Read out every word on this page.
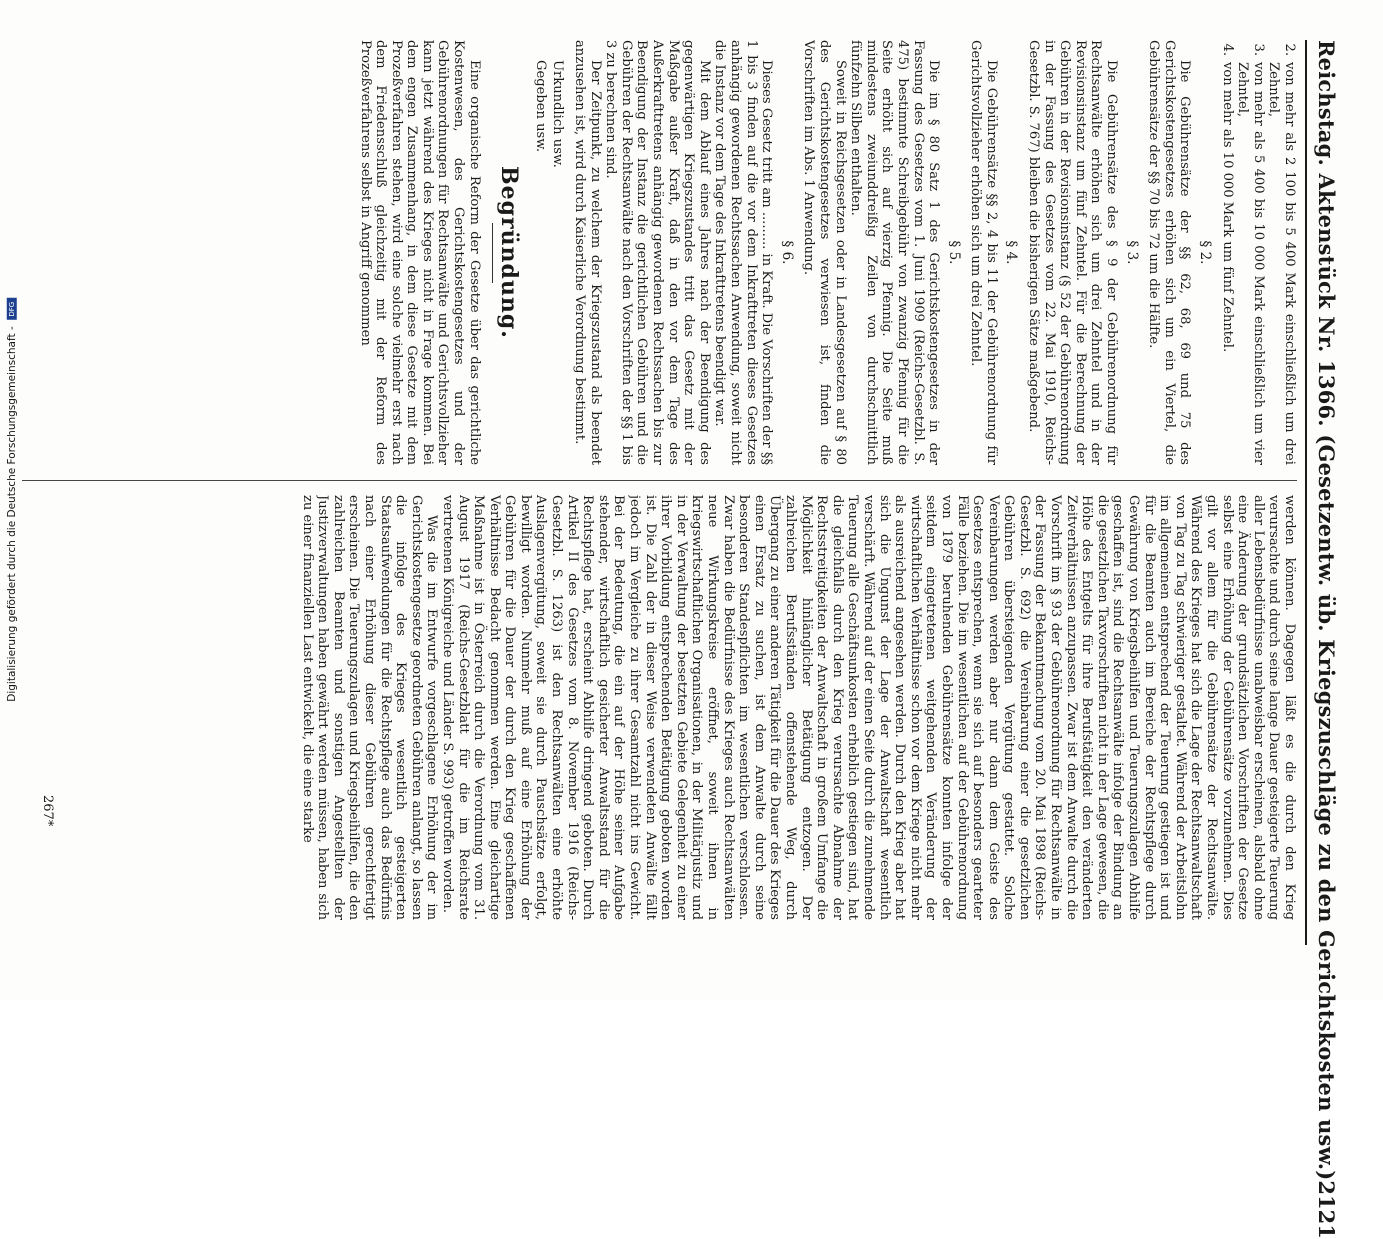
Reichstag. Aktenstück Nr. 1366. (Gesetzentw. üb. Kriegszuschläge zu den Gerichtskosten usw.)
2121
2.
von mehr als 2 100 bis 5 400 Mark einschließlich um drei Zehntel,
3.
von mehr als 5 400 bis 10 000 Mark einschließlich um vier Zehntel,
4.
von mehr als 10 000 Mark um fünf Zehntel.
§ 2.

Die Gebührensätze der §§ 62, 68, 69 und 75 des Gerichtskostengesetzes erhöhen sich um ein Viertel, die Gebührensätze der §§ 70 bis 72 um die Hälfte.

§ 3.

Die Gebührensätze des § 9 der Gebührenordnung für Rechtsanwälte erhöhen sich um drei Zehntel und in der Revisionsinstanz um fünf Zehntel. Für die Berechnung der Gebühren in der Revisionsinstanz (§ 52 der Gebührenordnung in der Fassung des Gesetzes vom 22. Mai 1910, Reichs-Gesetzbl. S. 767) bleiben die bisherigen Sätze maßgebend.

§ 4.

Die Gebührensätze §§ 2, 4 bis 11 der Gebührenordnung für Gerichtsvollzieher erhöhen sich um drei Zehntel.

§ 5.

Die im § 80 Satz 1 des Gerichtskostengesetzes in der Fassung des Gesetzes vom 1. Juni 1909 (Reichs-Gesetzbl. S. 475) bestimmte Schreibgebühr von zwanzig Pfennig für die Seite erhöht sich auf vierzig Pfennig. Die Seite muß mindestens zweiunddreißig Zeilen von durchschnittlich fünfzehn Silben enthalten.

Soweit in Reichsgesetzen oder in Landesgesetzen auf § 80 des Gerichtskostengesetzes verwiesen ist, finden die Vorschriften im Abs. 1 Anwendung.

§ 6.

Dieses Gesetz tritt am ......... in Kraft. Die Vorschriften der §§ 1 bis 3 finden auf die vor dem Inkrafttreten dieses Gesetzes anhängig gewordenen Rechtssachen Anwendung, soweit nicht die Instanz vor dem Tage des Inkrafttretens beendigt war.

Mit dem Ablauf eines Jahres nach der Beendigung des gegenwärtigen Kriegszustandes tritt das Gesetz mit der Maßgabe außer Kraft, daß in den vor dem Tage des Außerkrafttretens anhängig gewordenen Rechtssachen bis zur Beendigung der Instanz die gerichtlichen Gebühren und die Gebühren der Rechtsanwälte nach den Vorschriften der §§ 1 bis 3 zu berechnen sind.

Der Zeitpunkt, zu welchem der Kriegszustand als beendet anzusehen ist, wird durch Kaiserliche Verordnung bestimmt.

Urkundlich usw.
Gegeben usw.
Begründung.

Eine organische Reform der Gesetze über das gerichtliche Kostenwesen, des Gerichtskostengesetzes und der Gebührenordnungen für Rechtsanwälte und Gerichtsvollzieher kann jetzt während des Krieges nicht in Frage kommen. Bei dem engen Zusammenhang, in dem diese Gesetze mit dem Prozeßverfahren stehen, wird eine solche vielmehr erst nach dem Friedensschluß gleichzeitig mit der Reform des Prozeßverfahrens selbst in Angriff genommen

werden können. Dagegen läßt es die durch den Krieg verursachte und durch seine lange Dauer gesteigerte Teuerung aller Lebensbedürfnisse unabweisbar erscheinen, alsbald ohne eine Änderung der grundsätzlichen Vorschriften der Gesetze selbst eine Erhöhung der Gebührensätze vorzunehmen. Dies gilt vor allem für die Gebührensätze der Rechtsanwälte. Während des Krieges hat sich die Lage der Rechtsanwaltschaft von Tag zu Tag schwieriger gestaltet. Während der Arbeitslohn im allgemeinen entsprechend der Teuerung gestiegen ist und für die Beamten auch im Bereiche der Rechtspflege durch Gewährung von Kriegsbeihilfen und Teuerungszulagen Abhilfe geschaffen ist, sind die Rechtsanwälte infolge der Bindung an die gesetzlichen Taxvorschriften nicht in der Lage gewesen, die Höhe des Entgelts für ihre Berufstätigkeit den veränderten Zeitverhältnissen anzupassen. Zwar ist dem Anwalte durch die Vorschrift im § 93 der Gebührenordnung für Rechtsanwälte in der Fassung der Bekanntmachung vom 20. Mai 1898 (Reichs-Gesetzbl. S. 692) die Vereinbarung einer die gesetzlichen Gebühren übersteigenden Vergütung gestattet. Solche Vereinbarungen werden aber nur dann dem Geiste des Gesetzes entsprechen, wenn sie sich auf besonders gearteter Fälle beziehen. Die im wesentlichen auf der Gebührenordnung von 1879 beruhenden Gebührensätze konnten infolge der seitdem eingetretenen weitgehenden Veränderung der wirtschaftlichen Verhältnisse schon vor dem Kriege nicht mehr als ausreichend angesehen werden. Durch den Krieg aber hat sich die Ungunst der Lage der Anwaltschaft wesentlich verschärft. Während auf der einen Seite durch die zunehmende Teuerung alle Geschäftsunkosten erheblich gestiegen sind, hat die gleichfalls durch den Krieg verursachte Abnahme der Rechtsstreitigkeiten der Anwaltschaft in großem Umfange die Möglichkeit hinlänglicher Betätigung entzogen. Der zahlreichen Berufsständen offenstehende Weg, durch Übergang zu einer anderen Tätigkeit für die Dauer des Krieges einen Ersatz zu suchen, ist dem Anwalte durch seine besonderen Standespflichten im wesentlichen verschlossen. Zwar haben die Bedürfnisse des Krieges auch Rechtsanwälten neue Wirkungskreise eröffnet, soweit ihnen in kriegswirtschaftlichen Organisationen, in der Militärjustiz und in der Verwaltung der besetzten Gebiete Gelegenheit zu einer ihrer Vorbildung entsprechenden Betätigung geboten worden ist. Die Zahl der in dieser Weise verwendeten Anwälte fällt jedoch im Vergleiche zu ihrer Gesamtzahl nicht ins Gewicht. Bei der Bedeutung, die ein auf der Höhe seiner Aufgabe stehender, wirtschaftlich gesicherter Anwaltsstand für die Rechtspflege hat, erscheint Abhilfe dringend geboten. Durch Artikel II des Gesetzes vom 8. November 1916 (Reichs-Gesetzbl. S. 1263) ist den Rechtsanwälten eine erhöhte Auslagenvergütung, soweit sie durch Pauschsätze erfolgt, bewilligt worden. Nunmehr muß auf eine Erhöhung der Gebühren für die Dauer der durch den Krieg geschaffenen Verhältnisse Bedacht genommen werden. Eine gleichartige Maßnahme ist in Österreich durch die Verordnung vom 31. August 1917 (Reichs-Gesetzblatt für die im Reichsrate vertretenen Königreiche und Länder S. 993) getroffen worden.

Was die im Entwurfe vorgeschlagene Erhöhung der im Gerichtskostengesetze geordneten Gebühren anlangt, so lassen die infolge des Krieges wesentlich gesteigerten Staatsaufwendungen für die Rechtspflege auch das Bedürfnis nach einer Erhöhung dieser Gebühren gerechtfertigt erscheinen. Die Teuerungszulagen und Kriegsbeihilfen, die den zahlreichen Beamten und sonstigen Angestellten der Justizverwaltungen haben gewährt werden müssen, haben sich zu einer finanziellen Last entwickelt, die eine starke

267*
Digitalisierung gefördert durch die Deutsche Forschungsgemeinschaft -
DFG
